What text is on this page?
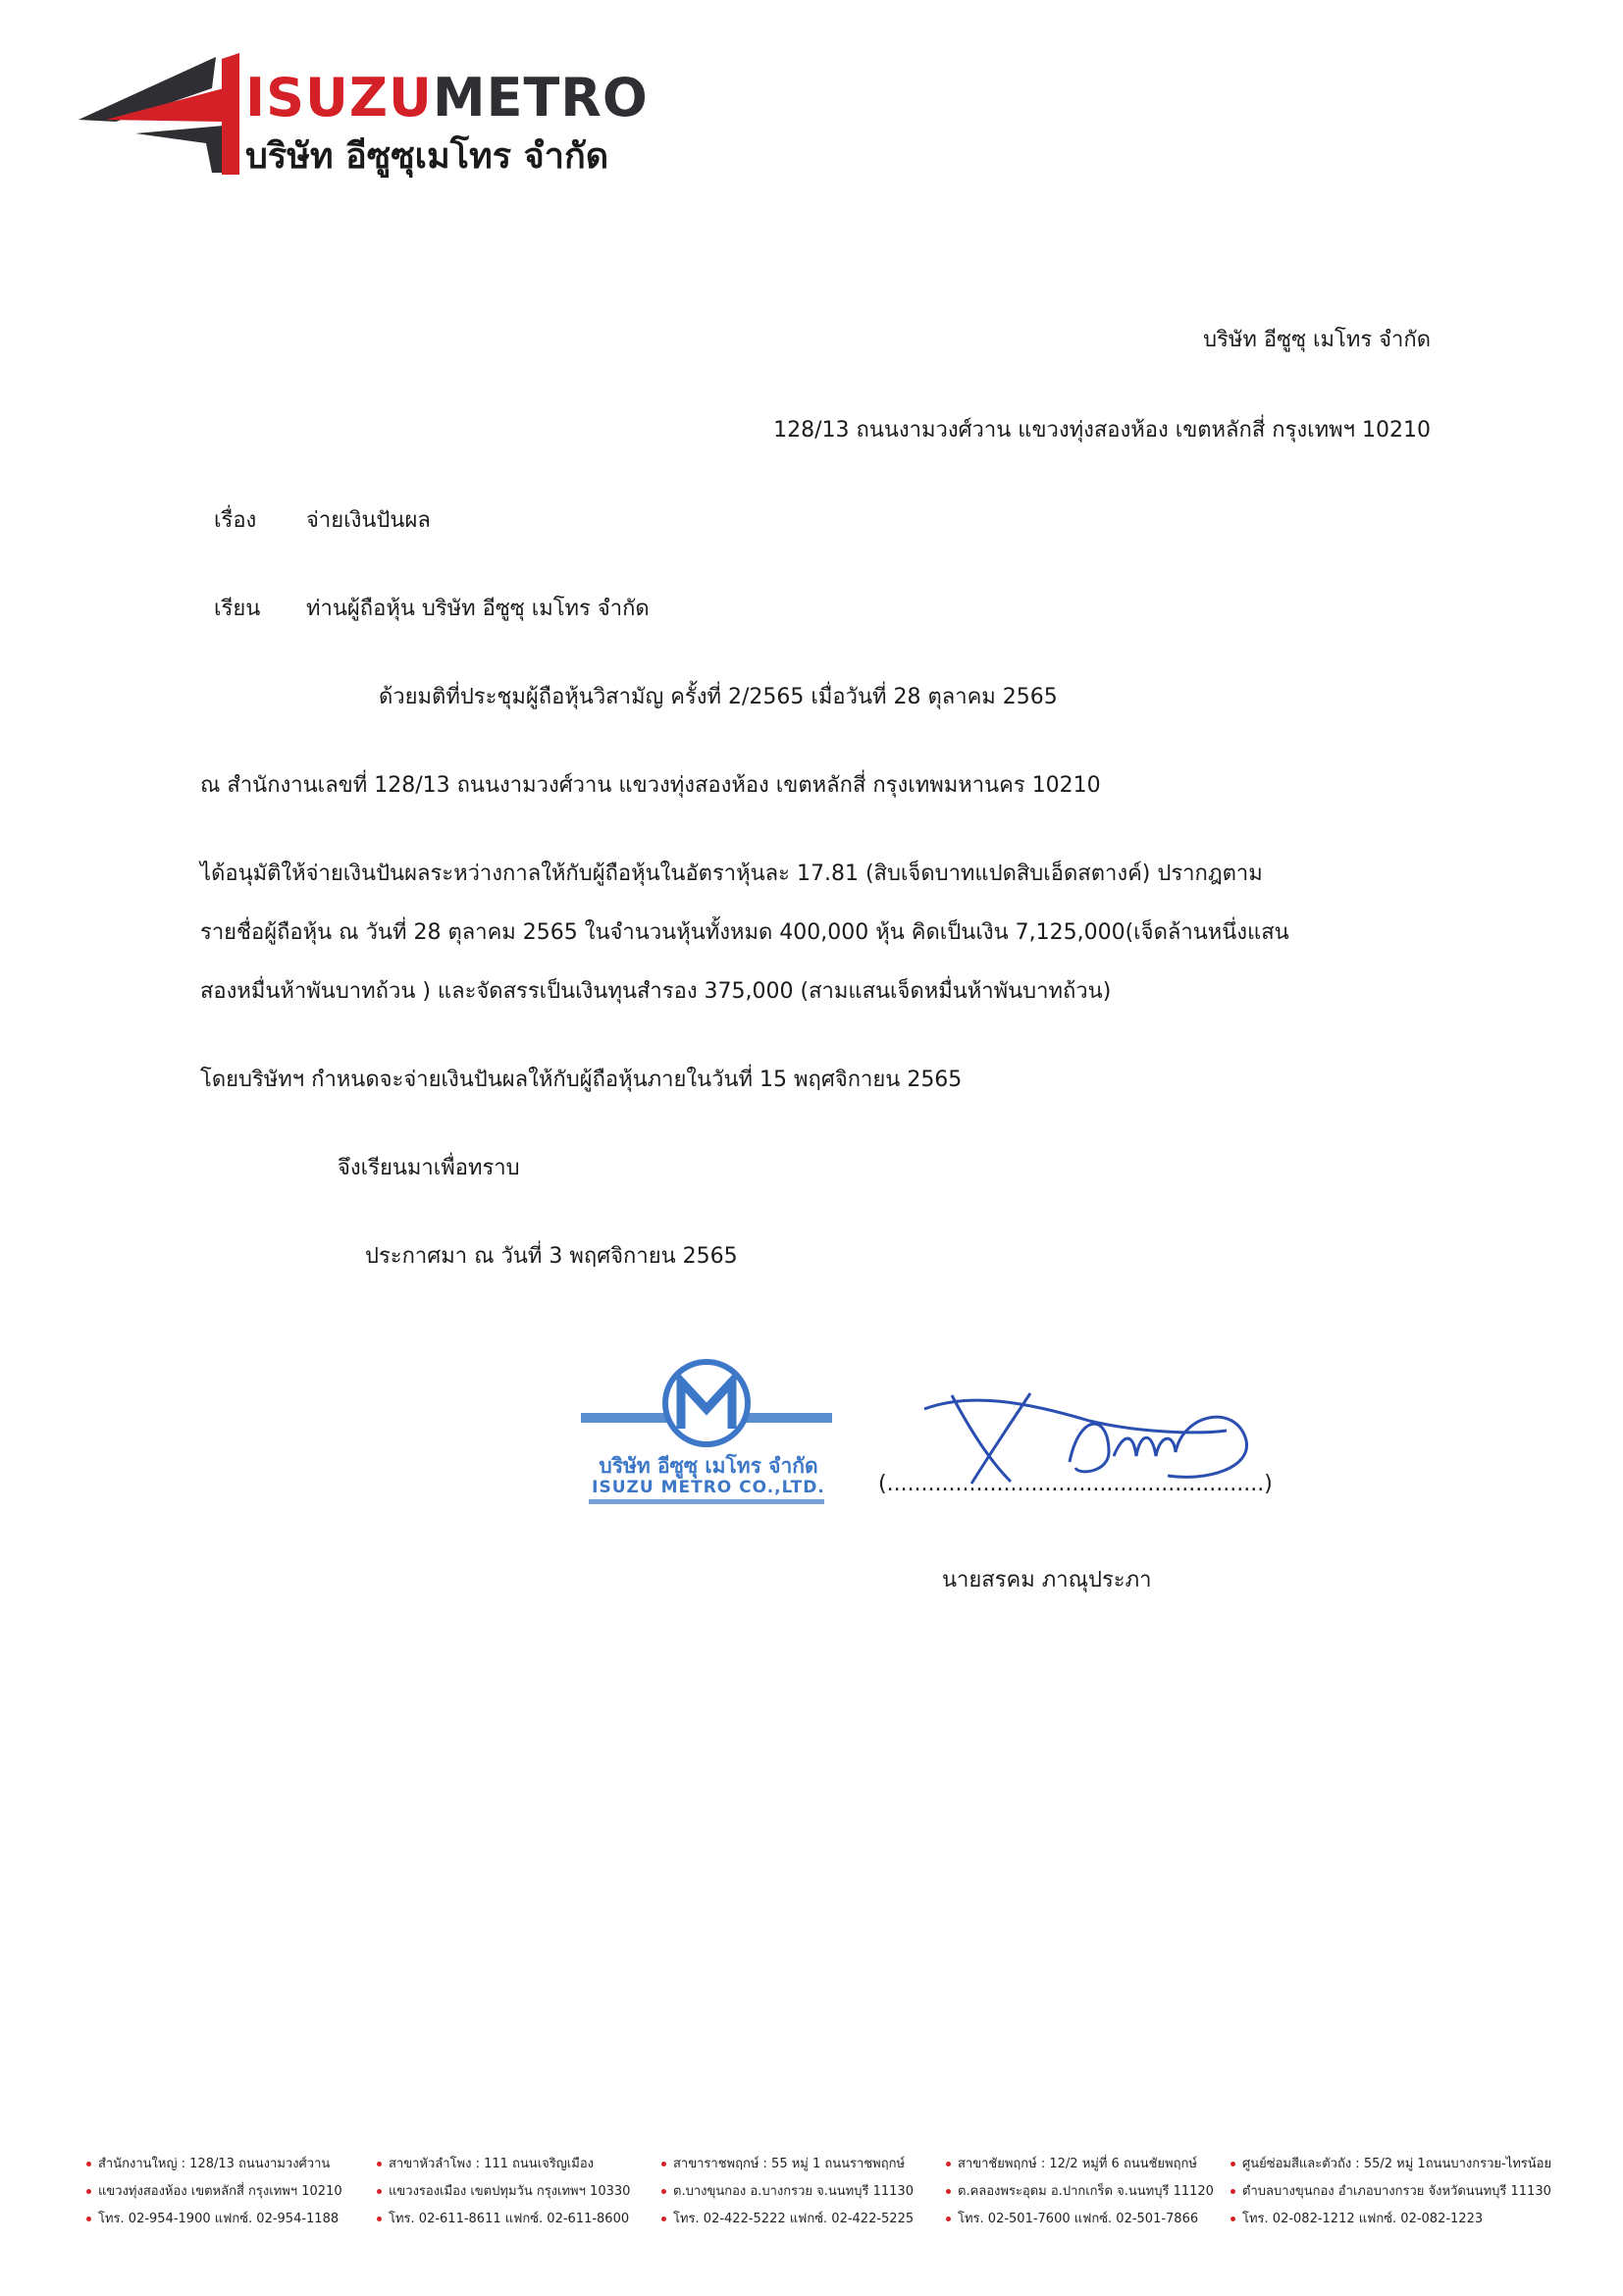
ISUZUMETRO
บริษัท อีซูซุเมโทร จำกัด
บริษัท อีซูซุ เมโทร จำกัด
128/13 ถนนงามวงศ์วาน แขวงทุ่งสองห้อง เขตหลักสี่ กรุงเทพฯ 10210
เรื่อง จ่ายเงินปันผล
เรียน ท่านผู้ถือหุ้น บริษัท อีซูซุ เมโทร จำกัด
ด้วยมติที่ประชุมผู้ถือหุ้นวิสามัญ ครั้งที่ 2/2565 เมื่อวันที่ 28 ตุลาคม 2565
ณ สำนักงานเลขที่ 128/13 ถนนงามวงศ์วาน แขวงทุ่งสองห้อง เขตหลักสี่ กรุงเทพมหานคร 10210
ได้อนุมัติให้จ่ายเงินปันผลระหว่างกาลให้กับผู้ถือหุ้นในอัตราหุ้นละ 17.81 (สิบเจ็ดบาทแปดสิบเอ็ดสตางค์) ปรากฎตาม
รายชื่อผู้ถือหุ้น ณ วันที่ 28 ตุลาคม 2565 ในจำนวนหุ้นทั้งหมด 400,000 หุ้น คิดเป็นเงิน 7,125,000(เจ็ดล้านหนึ่งแสน
สองหมื่นห้าพันบาทถ้วน ) และจัดสรรเป็นเงินทุนสำรอง 375,000 (สามแสนเจ็ดหมื่นห้าพันบาทถ้วน)
โดยบริษัทฯ กำหนดจะจ่ายเงินปันผลให้กับผู้ถือหุ้นภายในวันที่ 15 พฤศจิกายน 2565
จึงเรียนมาเพื่อทราบ
ประกาศมา ณ วันที่ 3 พฤศจิกายน 2565
บริษัท อีซูซุ เมโทร จำกัด
ISUZU METRO CO.,LTD. (.......................................................)
นายสรคม ภาณุประภา
สำนักงานใหญ่ : 128/13 ถนนงามวงศ์วาน
แขวงทุ่งสองห้อง เขตหลักสี่ กรุงเทพฯ 10210
โทร. 02-954-1900 แฟกซ์. 02-954-1188
สาขาหัวลำโพง : 111 ถนนเจริญเมือง
แขวงรองเมือง เขตปทุมวัน กรุงเทพฯ 10330
โทร. 02-611-8611 แฟกซ์. 02-611-8600
สาขาราชพฤกษ์ : 55 หมู่ 1 ถนนราชพฤกษ์
ต.บางขุนกอง อ.บางกรวย จ.นนทบุรี 11130
โทร. 02-422-5222 แฟกซ์. 02-422-5225
สาขาชัยพฤกษ์ : 12/2 หมู่ที่ 6 ถนนชัยพฤกษ์
ต.คลองพระอุดม อ.ปากเกร็ด จ.นนทบุรี 11120
โทร. 02-501-7600 แฟกซ์. 02-501-7866
ศูนย์ซ่อมสีและตัวถัง : 55/2 หมู่ 1ถนนบางกรวย-ไทรน้อย
ตำบลบางขุนกอง อำเภอบางกรวย จังหวัดนนทบุรี 11130
โทร. 02-082-1212 แฟกซ์. 02-082-1223
